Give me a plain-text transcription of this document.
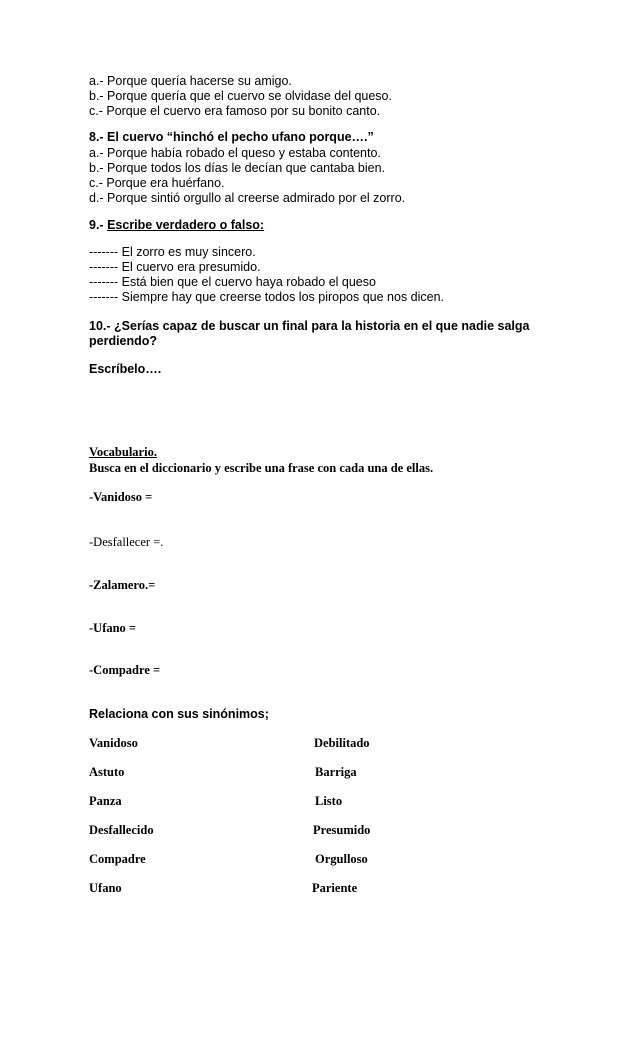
a.- Porque quería hacerse su amigo.
b.- Porque quería que el cuervo se olvidase del queso.
c.- Porque el cuervo era famoso por su bonito canto.
8.- El cuervo “hinchó el pecho ufano porque….”
a.- Porque había robado el queso y estaba contento.
b.- Porque todos los días le decían que cantaba bien.
c.- Porque era huérfano.
d.- Porque sintió orgullo al creerse admirado por el zorro.
9.- Escribe verdadero o falso:
------- El zorro es muy sincero.
------- El cuervo era presumido.
------- Está bien que el cuervo haya robado el queso
------- Siempre hay que creerse todos los piropos que nos dicen.
10.- ¿Serías capaz de buscar un final para la historia en el que nadie salga
perdiendo?
Escríbelo….
Vocabulario.
Busca en el diccionario y escribe una frase con cada una de ellas.
-Vanidoso =
-Desfallecer =.
-Zalamero.=
-Ufano =
-Compadre =
Relaciona con sus sinónimos;
Vanidoso	Debilitado
Astuto	Barriga
Panza	Listo
Desfallecido	Presumido
Compadre	Orgulloso
Ufano	Pariente
